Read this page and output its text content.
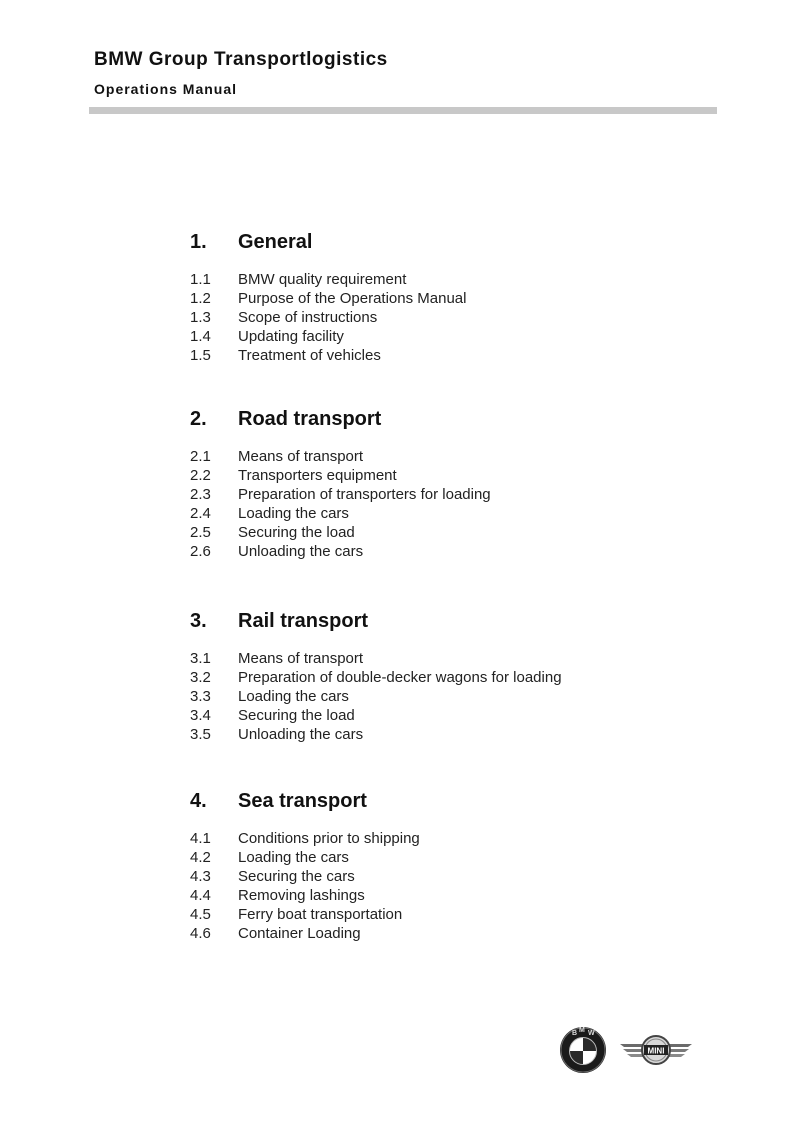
BMW Group Transportlogistics
Operations Manual
1.	General
1.1	BMW quality requirement
1.2	Purpose of the Operations Manual
1.3	Scope of instructions
1.4	Updating facility
1.5	Treatment of vehicles
2.	Road transport
2.1	Means of transport
2.2	Transporters equipment
2.3	Preparation of transporters for loading
2.4	Loading the cars
2.5	Securing the load
2.6	Unloading the cars
3.	Rail transport
3.1	Means of transport
3.2	Preparation of double-decker wagons for loading
3.3	Loading the cars
3.4	Securing the load
3.5	Unloading the cars
4.	Sea transport
4.1	Conditions prior to shipping
4.2	Loading the cars
4.3	Securing the cars
4.4	Removing lashings
4.5	Ferry boat transportation
4.6	Container Loading
B M W
MINI
